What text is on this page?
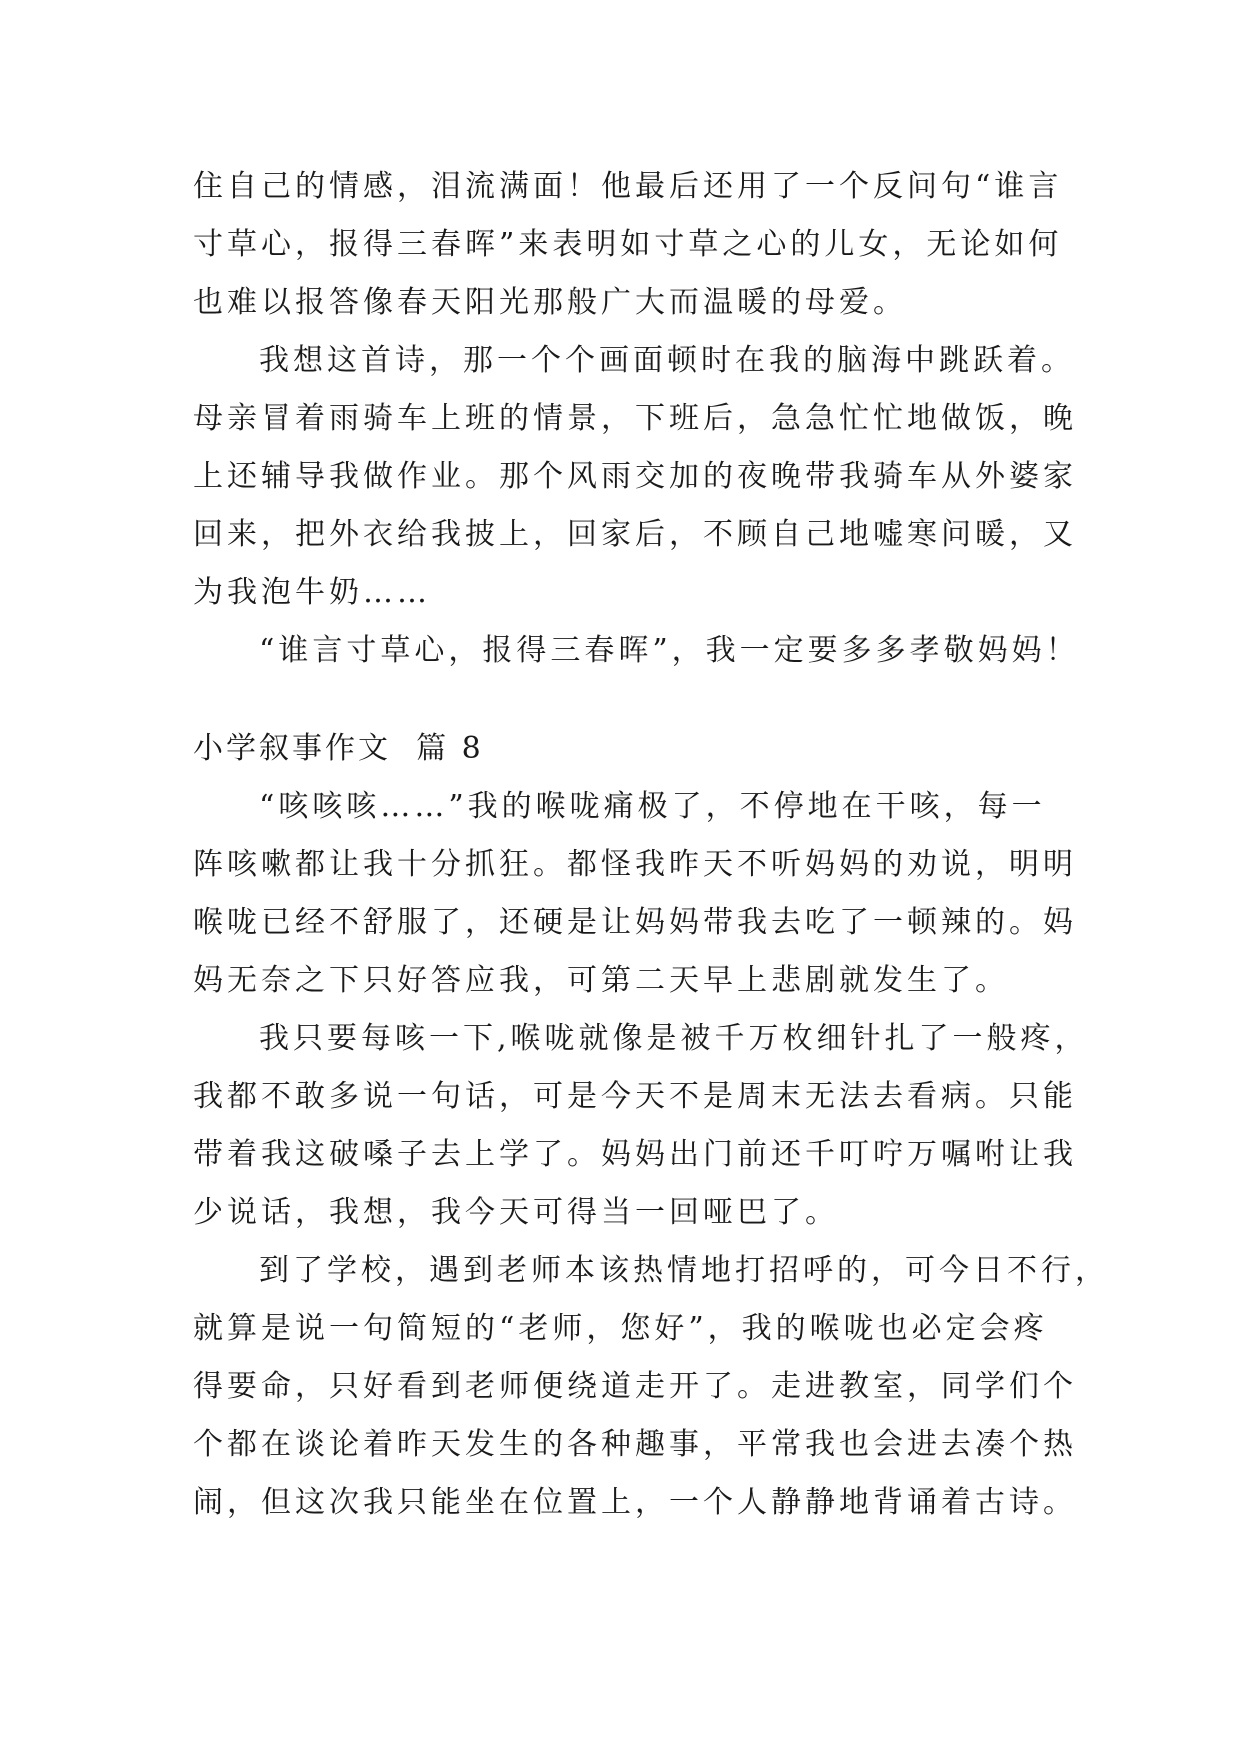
住自己的情感，泪流满面！他最后还用了一个反问句“谁言
寸草心，报得三春晖”来表明如寸草之心的儿女，无论如何
也难以报答像春天阳光那般广大而温暖的母爱。

我想这首诗，那一个个画面顿时在我的脑海中跳跃着。
母亲冒着雨骑车上班的情景，下班后，急急忙忙地做饭，晚
上还辅导我做作业。那个风雨交加的夜晚带我骑车从外婆家
回来，把外衣给我披上，回家后，不顾自己地嘘寒问暖，又
为我泡牛奶……

“谁言寸草心，报得三春晖”，我一定要多多孝敬妈妈！

小学叙事作文  篇 8

“咳咳咳……”我的喉咙痛极了，不停地在干咳，每一
阵咳嗽都让我十分抓狂。都怪我昨天不听妈妈的劝说，明明
喉咙已经不舒服了，还硬是让妈妈带我去吃了一顿辣的。妈
妈无奈之下只好答应我，可第二天早上悲剧就发生了。

我只要每咳一下,喉咙就像是被千万枚细针扎了一般疼，
我都不敢多说一句话，可是今天不是周末无法去看病。只能
带着我这破嗓子去上学了。妈妈出门前还千叮咛万嘱咐让我
少说话，我想，我今天可得当一回哑巴了。

到了学校，遇到老师本该热情地打招呼的，可今日不行，
就算是说一句简短的“老师，您好”，我的喉咙也必定会疼
得要命，只好看到老师便绕道走开了。走进教室，同学们个
个都在谈论着昨天发生的各种趣事，平常我也会进去凑个热
闹，但这次我只能坐在位置上，一个人静静地背诵着古诗。
